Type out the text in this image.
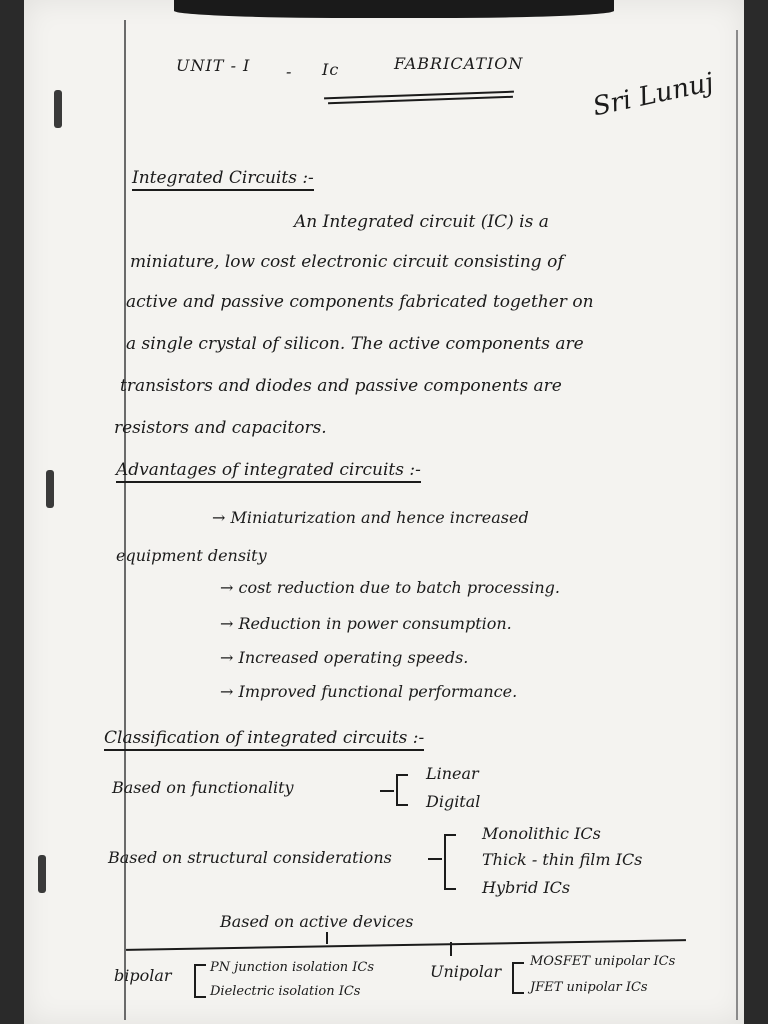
UNIT - I - Ic	FABRICATION
Sri Lunuj
Integrated Circuits :-
An Integrated circuit (IC) is a
miniature, low cost electronic circuit consisting of
active and passive components fabricated together on
a single crystal of silicon. The active components are
transistors and diodes and passive components are
resistors and capacitors.
Advantages of integrated circuits :-
→ Miniaturization and hence increased
equipment density
→ cost reduction due to batch processing.
→ Reduction in power consumption.
→ Increased operating speeds.
→ Improved functional performance.
Classification of integrated circuits :-
Based on functionality
Linear
Digital
Based on structural considerations
Monolithic ICs
Thick - thin film ICs
Hybrid ICs
Based on active devices
bipolar	PN junction isolation ICs
Dielectric isolation ICs
Unipolar
MOSFET unipolar ICs
JFET unipolar ICs
